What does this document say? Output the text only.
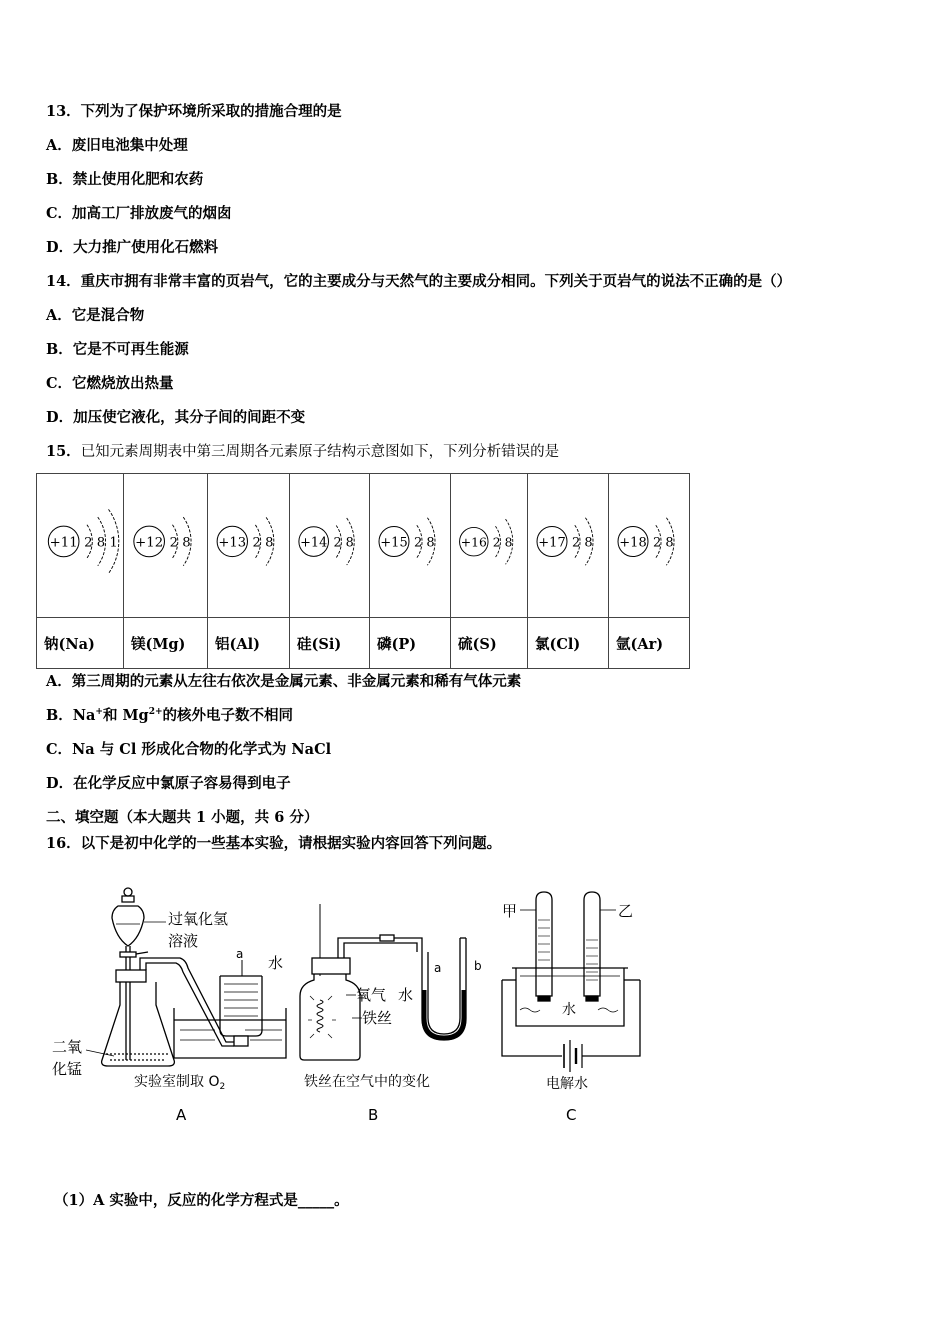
13．下列为了保护环境所采取的措施合理的是
A．废旧电池集中处理
B．禁止使用化肥和农药
C．加高工厂排放废气的烟囱
D．大力推广使用化石燃料
14．重庆市拥有非常丰富的页岩气，它的主要成分与天然气的主要成分相同。下列关于页岩气的说法不正确的是（）
A．它是混合物
B．它是不可再生能源
C．它燃烧放出热量
D．加压使它液化，其分子间的间距不变
15．已知元素周期表中第三周期各元素原子结构示意图如下，下列分析错误的是
+11 2 8 1	+12 2 8	+13 2 8	+14 2 8	+15 2 8	+16 2 8	+17 2 8	+18 2 8

钠(Na)	镁(Mg)	铝(Al)	硅(Si)	磷(P)	硫(S)	氯(Cl)	氩(Ar)
A．第三周期的元素从左往右依次是金属元素、非金属元素和稀有气体元素
B．Na+和 $Mg^{2+}$的核外电子数不相同
C．Na 与 Cl 形成化合物的化学式为 NaCl
D．在化学反应中氯原子容易得到电子
二、填空题（本大题共 1 小题，共 6 分）
16．以下是初中化学的一些基本实验，请根据实验内容回答下列问题。
过氧化氢
溶液
a 水
二氧
化锰
实验室制取 $O_2$
A
氧气 水
铁丝
a	b
铁丝在空气中的变化
B
甲	乙
水
电解水
C
（1）A 实验中，反应的化学方程式是_____。
